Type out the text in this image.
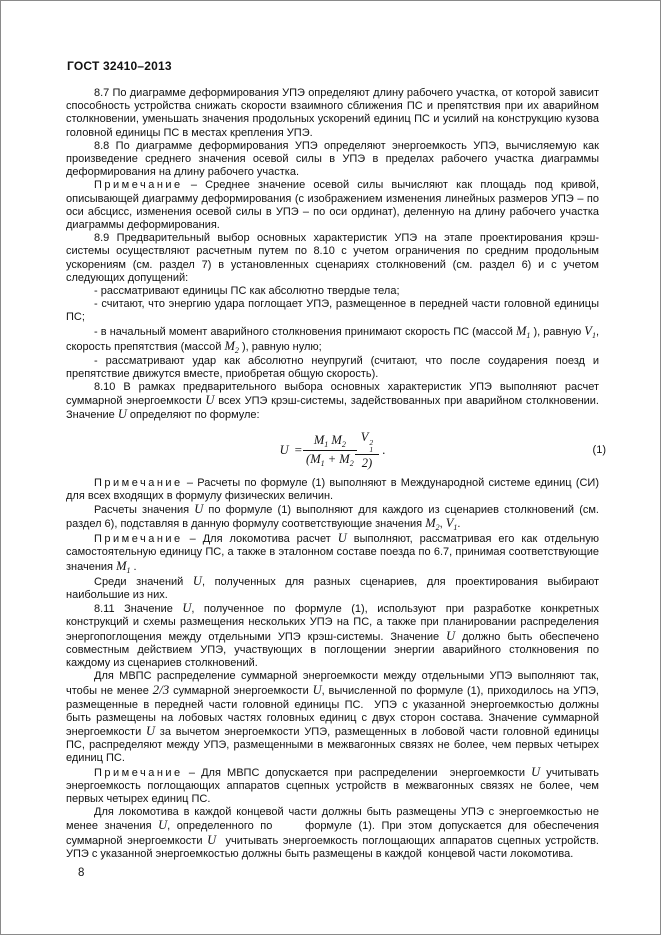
ГОСТ 32410–2013

8.7 По диаграмме деформирования УПЭ определяют длину рабочего участка, от которой зависит способность устройства снижать скорости взаимного сближения ПС и препятствия при их аварийном столкновении, уменьшать значения продольных ускорений единиц ПС и усилий на конструкцию кузова головной единицы ПС в местах крепления УПЭ.

8.8 По диаграмме деформирования УПЭ определяют энергоемкость УПЭ, вычисляемую как произведение среднего значения осевой силы в УПЭ в пределах рабочего участка диаграммы деформирования на длину рабочего участка.

Примечание – Среднее значение осевой силы вычисляют как площадь под кривой, описывающей диаграмму деформирования (с изображением изменения линейных размеров УПЭ – по оси абсцисс, изменения осевой силы в УПЭ – по оси ординат), деленную на длину рабочего участка диаграммы деформирования.

8.9 Предварительный выбор основных характеристик УПЭ на этапе проектирования крэш-системы осуществляют расчетным путем по 8.10 с учетом ограничения по средним продольным ускорениям (см. раздел 7) в установленных сценариях столкновений (см. раздел 6) и с учетом следующих допущений:

- рассматривают единицы ПС как абсолютно твердые тела;

- считают, что энергию удара поглощает УПЭ, размещенное в передней части головной единицы ПС;

- в начальный момент аварийного столкновения принимают скорость ПС (массой $M_1$ ), равную $V_1$, скорость препятствия (массой $M_2$ ), равную нулю;

- рассматривают удар как абсолютно неупругий (считают, что после соударения поезд и препятствие движутся вместе, приобретая общую скорость).

8.10 В рамках предварительного выбора основных характеристик УПЭ выполняют расчет суммарной энергоемкости U всех УПЭ крэш-системы, задействованных при аварийном столкновении. Значение U определяют по формуле:

$U = \frac{M_1 M_2}{(M_1 + M_2}$ V 2
1
2) .	(1)

Примечание – Расчеты по формуле (1) выполняют в Международной системе единиц (СИ) для всех входящих в формулу физических величин.

Расчеты значения U по формуле (1) выполняют для каждого из сценариев столкновений (см. раздел 6), подставляя в данную формулу соответствующие значения $M_2$, $V_1$.

Примечание – Для локомотива расчет U выполняют, рассматривая его как отдельную самостоятельную единицу ПС, а также в эталонном составе поезда по 6.7, принимая соответствующие значения $M_1$ .

Среди значений U, полученных для разных сценариев, для проектирования выбирают наибольшие из них.

8.11 Значение U, полученное по формуле (1), используют при разработке конкретных конструкций и схемы размещения нескольких УПЭ на ПС, а также при планировании распределения энергопоглощения между отдельными УПЭ крэш-системы. Значение U должно быть обеспечено совместным действием УПЭ, участвующих в поглощении энергии аварийного столкновения по каждому из сценариев столкновений.

Для МВПС распределение суммарной энергоемкости между отдельными УПЭ выполняют так, чтобы не менее 2/3 суммарной энергоемкости U, вычисленной по формуле (1), приходилось на УПЭ, размещенные в передней части головной единицы ПС.  УПЭ с указанной энергоемкостью должны быть размещены на лобовых частях головных единиц с двух сторон состава. Значение суммарной энергоемкости U за вычетом энергоемкости УПЭ, размещенных в лобовой части головной единицы ПС, распределяют между УПЭ, размещенными в межвагонных связях не более, чем первых четырех единиц ПС.

Примечание – Для МВПС допускается при распределении  энергоемкости U учитывать энергоемкость поглощающих аппаратов сцепных устройств в межвагонных связях не более, чем первых четырех единиц ПС.

Для локомотива в каждой концевой части должны быть размещены УПЭ с энергоемкостью не менее значения U, определенного по     формуле (1). При этом допускается для обеспечения суммарной энергоемкости U  учитывать энергоемкость поглощающих аппаратов сцепных устройств. УПЭ с указанной энергоемкостью должны быть размещены в каждой  концевой части локомотива.

8
